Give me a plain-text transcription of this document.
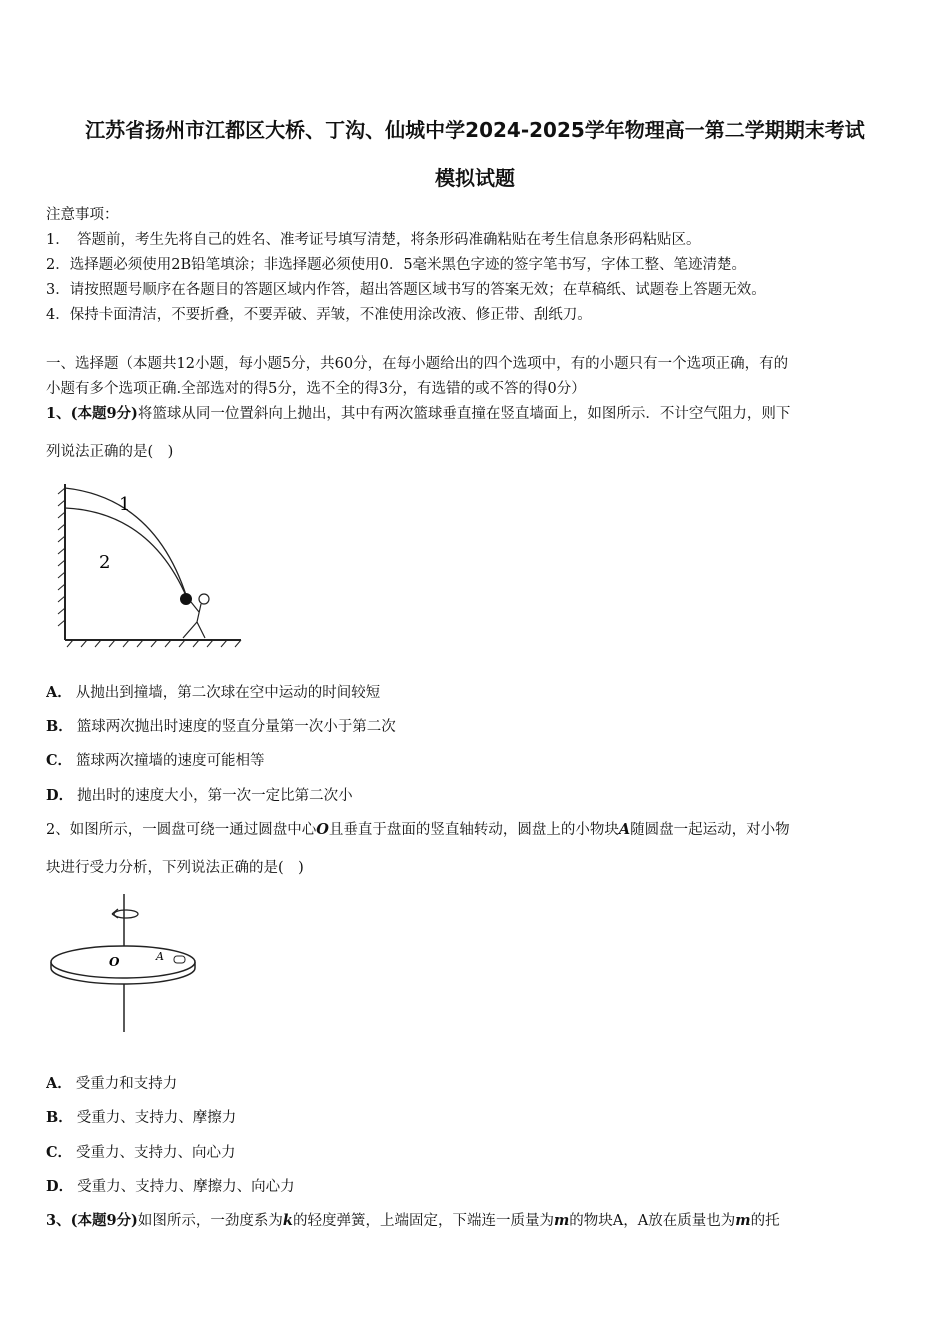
江苏省扬州市江都区大桥、丁沟、仙城中学2024-2025学年物理高一第二学期期末考试
模拟试题
注意事项：
1．　答题前，考生先将自己的姓名、准考证号填写清楚，将条形码准确粘贴在考生信息条形码粘贴区。
2．选择题必须使用2B铅笔填涂；非选择题必须使用0．5毫米黑色字迹的签字笔书写，字体工整、笔迹清楚。
3．请按照题号顺序在各题目的答题区域内作答，超出答题区域书写的答案无效；在草稿纸、试题卷上答题无效。
4．保持卡面清洁，不要折叠，不要弄破、弄皱，不准使用涂改液、修正带、刮纸刀。
一、选择题（本题共12小题，每小题5分，共60分，在每小题给出的四个选项中，有的小题只有一个选项正确，有的
小题有多个选项正确.全部选对的得5分，选不全的得3分，有选错的或不答的得0分）
1、(本题9分)将篮球从同一位置斜向上抛出，其中有两次篮球垂直撞在竖直墙面上，如图所示．不计空气阻力，则下
列说法正确的是(　)
1
2
A． 从抛出到撞墙，第二次球在空中运动的时间较短
B． 篮球两次抛出时速度的竖直分量第一次小于第二次
C． 篮球两次撞墙的速度可能相等
D． 抛出时的速度大小，第一次一定比第二次小
2、如图所示，一圆盘可绕一通过圆盘中心O且垂直于盘面的竖直轴转动，圆盘上的小物块A随圆盘一起运动，对小物
块进行受力分析，下列说法正确的是(　)
O	A
A． 受重力和支持力
B． 受重力、支持力、摩擦力
C． 受重力、支持力、向心力
D． 受重力、支持力、摩擦力、向心力
3、(本题9分)如图所示，一劲度系为k的轻度弹簧，上端固定，下端连一质量为m的物块A，A放在质量也为m的托
